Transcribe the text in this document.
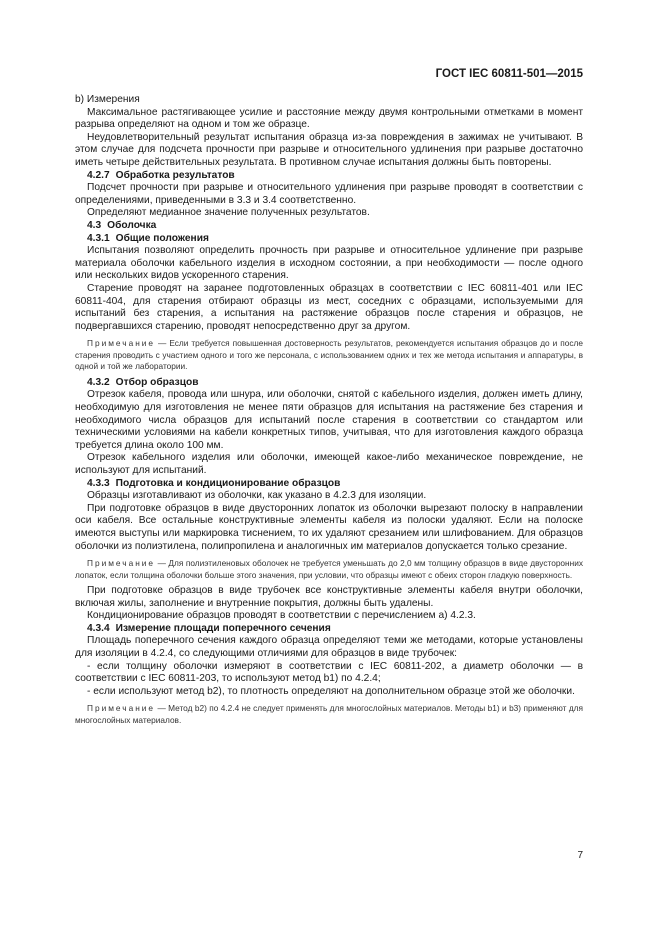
ГОСТ IEC 60811-501—2015

b) Измерения

Максимальное растягивающее усилие и расстояние между двумя контрольными отметками в момент разрыва определяют на одном и том же образце.

Неудовлетворительный результат испытания образца из-за повреждения в зажимах не учитывают. В этом случае для подсчета прочности при разрыве и относительного удлинения при разрыве достаточно иметь четыре действительных результата. В противном случае испытания должны быть повторены.

4.2.7 Обработка результатов

Подсчет прочности при разрыве и относительного удлинения при разрыве проводят в соответствии с определениями, приведенными в 3.3 и 3.4 соответственно.

Определяют медианное значение полученных результатов.

4.3 Оболочка

4.3.1 Общие положения

Испытания позволяют определить прочность при разрыве и относительное удлинение при разрыве материала оболочки кабельного изделия в исходном состоянии, а при необходимости — после одного или нескольких видов ускоренного старения.

Старение проводят на заранее подготовленных образцах в соответствии с IEC 60811-401 или IEC 60811-404, для старения отбирают образцы из мест, соседних с образцами, используемыми для испытаний без старения, а испытания на растяжение образцов после старения и образцов, не подвергавшихся старению, проводят непосредственно друг за другом.

Примечание — Если требуется повышенная достоверность результатов, рекомендуется испытания образцов до и после старения проводить с участием одного и того же персонала, с использованием одних и тех же метода испытания и аппаратуры, в одной и той же лаборатории.

4.3.2 Отбор образцов

Отрезок кабеля, провода или шнура, или оболочки, снятой с кабельного изделия, должен иметь длину, необходимую для изготовления не менее пяти образцов для испытания на растяжение без старения и необходимого числа образцов для испытаний после старения в соответствии со стандартом или техническими условиями на кабели конкретных типов, учитывая, что для изготовления каждого образца требуется длина около 100 мм.

Отрезок кабельного изделия или оболочки, имеющей какое-либо механическое повреждение, не используют для испытаний.

4.3.3 Подготовка и кондиционирование образцов

Образцы изготавливают из оболочки, как указано в 4.2.3 для изоляции.

При подготовке образцов в виде двусторонних лопаток из оболочки вырезают полоску в направлении оси кабеля. Все остальные конструктивные элементы кабеля из полоски удаляют. Если на полоске имеются выступы или маркировка тиснением, то их удаляют срезанием или шлифованием. Для образцов оболочки из полиэтилена, полипропилена и аналогичных им материалов допускается только срезание.

Примечание — Для полиэтиленовых оболочек не требуется уменьшать до 2,0 мм толщину образцов в виде двусторонних лопаток, если толщина оболочки больше этого значения, при условии, что образцы имеют с обеих сторон гладкую поверхность.

При подготовке образцов в виде трубочек все конструктивные элементы кабеля внутри оболочки, включая жилы, заполнение и внутренние покрытия, должны быть удалены.

Кондиционирование образцов проводят в соответствии с перечислением а) 4.2.3.

4.3.4 Измерение площади поперечного сечения

Площадь поперечного сечения каждого образца определяют теми же методами, которые установлены для изоляции в 4.2.4, со следующими отличиями для образцов в виде трубочек:

- если толщину оболочки измеряют в соответствии с IEC 60811-202, а диаметр оболочки — в соответствии с IEC 60811-203, то используют метод b1) по 4.2.4;

- если используют метод b2), то плотность определяют на дополнительном образце этой же оболочки.

Примечание — Метод b2) по 4.2.4 не следует применять для многослойных материалов. Методы b1) и b3) применяют для многослойных материалов.

7
